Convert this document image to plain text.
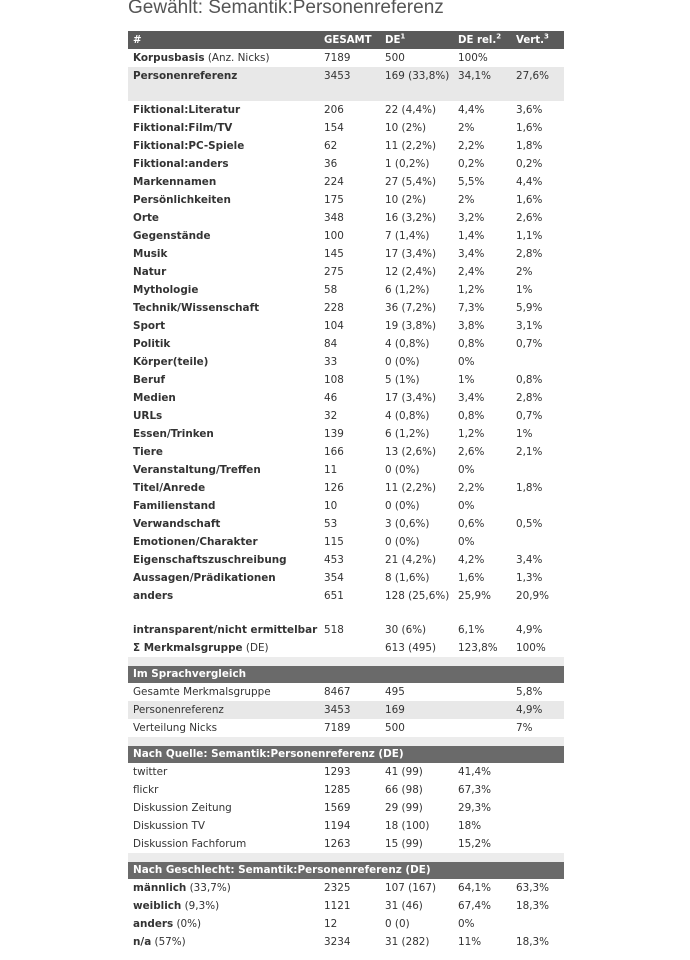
Gewählt: Semantik:Personenreferenz
#	GESAMT	$DE^1$	DE rel.$^2$	Vert.$^3$
Korpusbasis (Anz. Nicks)	7189	500	100%	
Personenreferenz	3453	169 (33,8%)	34,1%	27,6%
Fiktional:Literatur	206	22 (4,4%)	4,4%	3,6%
Fiktional:Film/TV	154	10 (2%)	2%	1,6%
Fiktional:PC-Spiele	62	11 (2,2%)	2,2%	1,8%
Fiktional:anders	36	1 (0,2%)	0,2%	0,2%
Markennamen	224	27 (5,4%)	5,5%	4,4%
Persönlichkeiten	175	10 (2%)	2%	1,6%
Orte	348	16 (3,2%)	3,2%	2,6%
Gegenstände	100	7 (1,4%)	1,4%	1,1%
Musik	145	17 (3,4%)	3,4%	2,8%
Natur	275	12 (2,4%)	2,4%	2%
Mythologie	58	6 (1,2%)	1,2%	1%
Technik/Wissenschaft	228	36 (7,2%)	7,3%	5,9%
Sport	104	19 (3,8%)	3,8%	3,1%
Politik	84	4 (0,8%)	0,8%	0,7%
Körper(teile)	33	0 (0%)	0%	
Beruf	108	5 (1%)	1%	0,8%
Medien	46	17 (3,4%)	3,4%	2,8%
URLs	32	4 (0,8%)	0,8%	0,7%
Essen/Trinken	139	6 (1,2%)	1,2%	1%
Tiere	166	13 (2,6%)	2,6%	2,1%
Veranstaltung/Treffen	11	0 (0%)	0%	
Titel/Anrede	126	11 (2,2%)	2,2%	1,8%
Familienstand	10	0 (0%)	0%	
Verwandschaft	53	3 (0,6%)	0,6%	0,5%
Emotionen/Charakter	115	0 (0%)	0%	
Eigenschaftszuschreibung	453	21 (4,2%)	4,2%	3,4%
Aussagen/Prädikationen	354	8 (1,6%)	1,6%	1,3%
anders	651	128 (25,6%)	25,9%	20,9%
intransparent/nicht ermittelbar	518	30 (6%)	6,1%	4,9%
Σ Merkmalsgruppe (DE)		613 (495)	123,8%	100%

Im Sprachvergleich				
Gesamte Merkmalsgruppe	8467	495		5,8%
Personenreferenz	3453	169		4,9%
Verteilung Nicks	7189	500		7%

Nach Quelle: Semantik:Personenreferenz (DE)				
twitter	1293	41 (99)	41,4%	
flickr	1285	66 (98)	67,3%	
Diskussion Zeitung	1569	29 (99)	29,3%	
Diskussion TV	1194	18 (100)	18%	
Diskussion Fachforum	1263	15 (99)	15,2%	

Nach Geschlecht: Semantik:Personenreferenz (DE)				
männlich (33,7%)	2325	107 (167)	64,1%	63,3%
weiblich (9,3%)	1121	31 (46)	67,4%	18,3%
anders (0%)	12	0 (0)	0%	
n/a (57%)	3234	31 (282)	11%	18,3%
